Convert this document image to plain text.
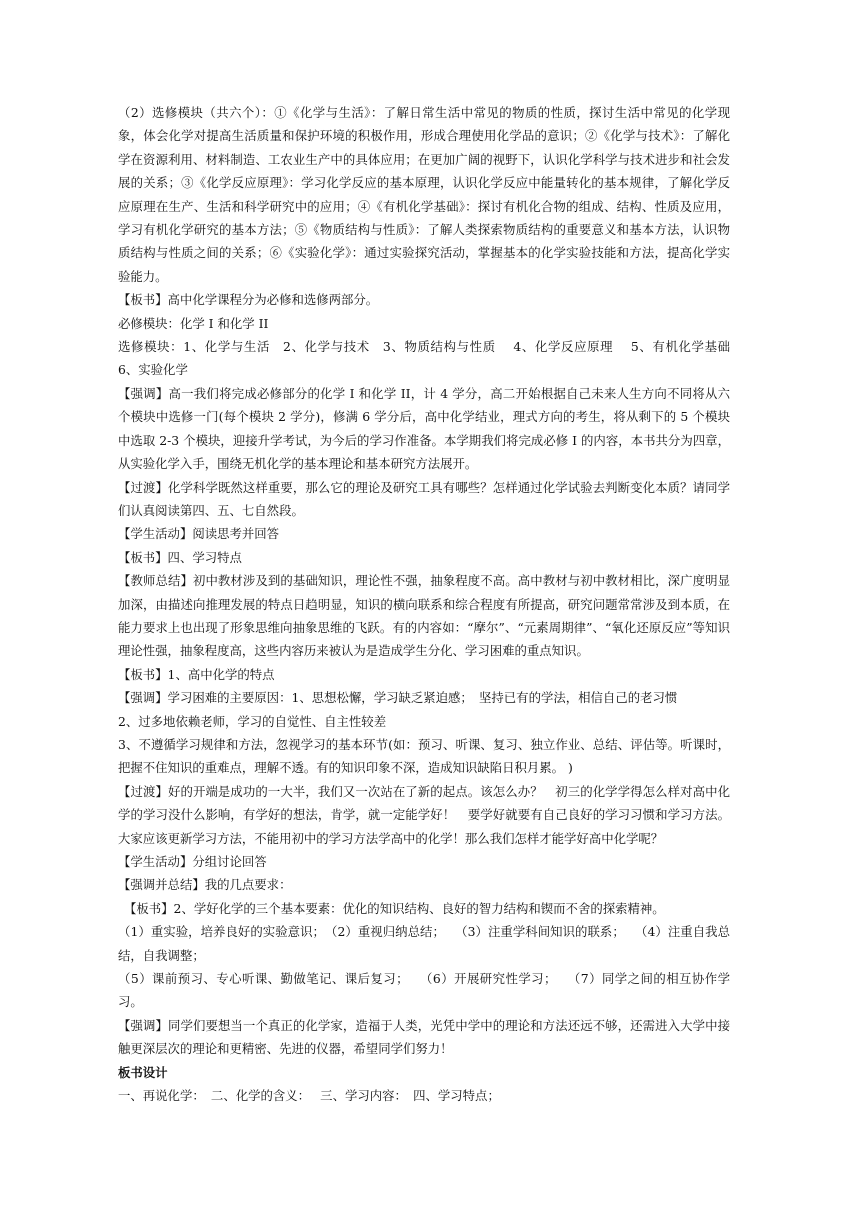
（2）选修模块（共六个）：①《化学与生活》：了解日常生活中常见的物质的性质，探讨生活中常见的化学现象，体会化学对提高生活质量和保护环境的积极作用，形成合理使用化学品的意识；②《化学与技术》：了解化学在资源利用、材料制造、工农业生产中的具体应用；在更加广阔的视野下，认识化学科学与技术进步和社会发展的关系；③《化学反应原理》：学习化学反应的基本原理，认识化学反应中能量转化的基本规律，了解化学反应原理在生产、生活和科学研究中的应用；④《有机化学基础》：探讨有机化合物的组成、结构、性质及应用，学习有机化学研究的基本方法；⑤《物质结构与性质》：了解人类探索物质结构的重要意义和基本方法，认识物质结构与性质之间的关系；⑥《实验化学》：通过实验探究活动，掌握基本的化学实验技能和方法，提高化学实验能力。

【板书】高中化学课程分为必修和选修两部分。

必修模块：化学 I 和化学 II

选修模块：1、化学与生活　2、化学与技术　3、物质结构与性质　 4、化学反应原理　 5、有机化学基础　6、实验化学

【强调】高一我们将完成必修部分的化学 I 和化学 II，计 4 学分，高二开始根据自己未来人生方向不同将从六个模块中选修一门(每个模块 2 学分)，修满 6 学分后，高中化学结业，理式方向的考生，将从剩下的 5 个模块中选取 2-3 个模块，迎接升学考试，为今后的学习作准备。本学期我们将完成必修 I 的内容，本书共分为四章，从实验化学入手，围绕无机化学的基本理论和基本研究方法展开。

【过渡】化学科学既然这样重要，那么它的理论及研究工具有哪些？怎样通过化学试验去判断变化本质？请同学们认真阅读第四、五、七自然段。

【学生活动】阅读思考并回答

【板书】四、学习特点

【教师总结】初中教材涉及到的基础知识，理论性不强，抽象程度不高。高中教材与初中教材相比，深广度明显加深，由描述向推理发展的特点日趋明显，知识的横向联系和综合程度有所提高，研究问题常常涉及到本质，在能力要求上也出现了形象思维向抽象思维的飞跃。有的内容如：“摩尔”、“元素周期律”、“氧化还原反应”等知识理论性强，抽象程度高，这些内容历来被认为是造成学生分化、学习困难的重点知识。

【板书】1、高中化学的特点

【强调】学习困难的主要原因：1、思想松懈，学习缺乏紧迫感；　坚持已有的学法，相信自己的老习惯

2、过多地依赖老师，学习的自觉性、自主性较差

3、不遵循学习规律和方法，忽视学习的基本环节(如：预习、听课、复习、独立作业、总结、评估等。听课时，把握不住知识的重难点，理解不透。有的知识印象不深，造成知识缺陷日积月累。 )

【过渡】好的开端是成功的一大半，我们又一次站在了新的起点。该怎么办？　初三的化学学得怎么样对高中化学的学习没什么影响，有学好的想法，肯学，就一定能学好！　要学好就要有自己良好的学习习惯和学习方法。大家应该更新学习方法，不能用初中的学习方法学高中的化学！那么我们怎样才能学好高中化学呢？

【学生活动】分组讨论回答

【强调并总结】我的几点要求：

【板书】2、学好化学的三个基本要素：优化的知识结构、良好的智力结构和锲而不舍的探索精神。

（1）重实验，培养良好的实验意识；　（2）重视归纳总结；　 （3）注重学科间知识的联系；　 （4）注重自我总结，自我调整；

（5）课前预习、专心听课、勤做笔记、课后复习；　 （6）开展研究性学习；　 （7）同学之间的相互协作学习。

【强调】同学们要想当一个真正的化学家，造福于人类，光凭中学中的理论和方法还远不够，还需进入大学中接触更深层次的理论和更精密、先进的仪器，希望同学们努力！

板书设计

一、再说化学：　二、化学的含义：　 三、学习内容：　四、学习特点；
